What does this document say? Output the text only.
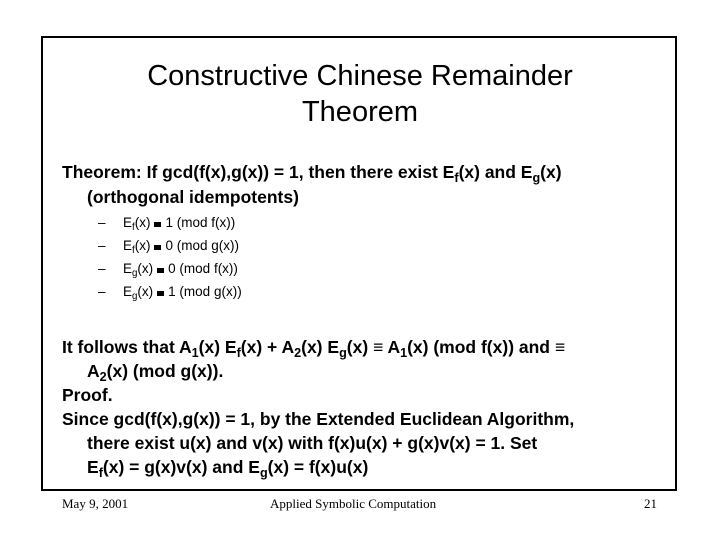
Constructive Chinese Remainder
Theorem
Theorem: If gcd(f(x),g(x)) = 1, then there exist $E_f(x)$ and $E_g(x)$
(orthogonal idempotents)
– $E_f(x)$ 1 (mod f(x))
– $E_f(x)$ 0 (mod g(x))
– $E_g(x)$ 0 (mod f(x))
– $E_g(x)$ 1 (mod g(x))
It follows that $A_1(x) E_f(x) + A_2(x) E_g(x) \equiv A_1(x)$ (mod f(x)) and ≡
$A_2(x)$ (mod g(x)).
Proof.
Since gcd(f(x),g(x)) = 1, by the Extended Euclidean Algorithm,
there exist u(x) and v(x) with f(x)u(x) + g(x)v(x) = 1. Set
$E_f(x) = g(x)v(x)$ and $E_g(x) = f(x)u(x)$
May 9, 2001	Applied Symbolic Computation	21
